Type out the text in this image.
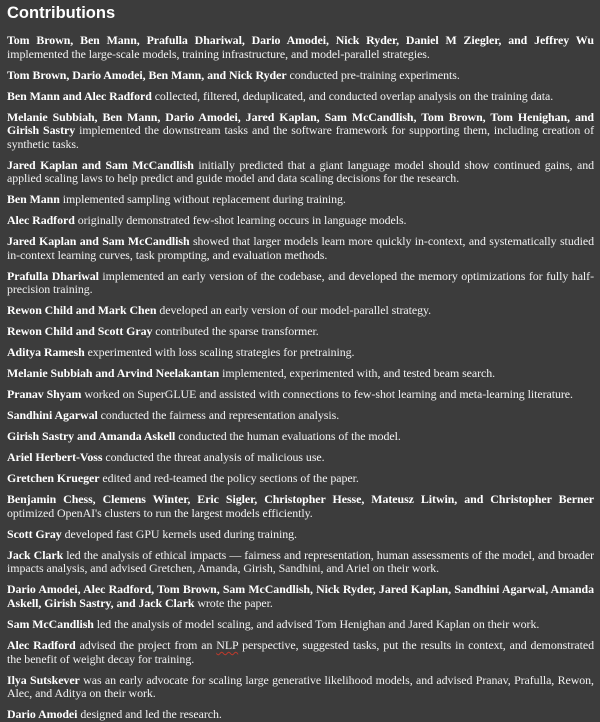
Contributions
Tom Brown, Ben Mann, Prafulla Dhariwal, Dario Amodei, Nick Ryder, Daniel M Ziegler, and Jeffrey Wu implemented the large-scale models, training infrastructure, and model-parallel strategies.
Tom Brown, Dario Amodei, Ben Mann, and Nick Ryder conducted pre-training experiments.
Ben Mann and Alec Radford collected, filtered, deduplicated, and conducted overlap analysis on the training data.
Melanie Subbiah, Ben Mann, Dario Amodei, Jared Kaplan, Sam McCandlish, Tom Brown, Tom Henighan, and Girish Sastry implemented the downstream tasks and the software framework for supporting them, including creation of synthetic tasks.
Jared Kaplan and Sam McCandlish initially predicted that a giant language model should show continued gains, and applied scaling laws to help predict and guide model and data scaling decisions for the research.
Ben Mann implemented sampling without replacement during training.
Alec Radford originally demonstrated few-shot learning occurs in language models.
Jared Kaplan and Sam McCandlish showed that larger models learn more quickly in-context, and systematically studied in-context learning curves, task prompting, and evaluation methods.
Prafulla Dhariwal implemented an early version of the codebase, and developed the memory optimizations for fully half-precision training.
Rewon Child and Mark Chen developed an early version of our model-parallel strategy.
Rewon Child and Scott Gray contributed the sparse transformer.
Aditya Ramesh experimented with loss scaling strategies for pretraining.
Melanie Subbiah and Arvind Neelakantan implemented, experimented with, and tested beam search.
Pranav Shyam worked on SuperGLUE and assisted with connections to few-shot learning and meta-learning literature.
Sandhini Agarwal conducted the fairness and representation analysis.
Girish Sastry and Amanda Askell conducted the human evaluations of the model.
Ariel Herbert-Voss conducted the threat analysis of malicious use.
Gretchen Krueger edited and red-teamed the policy sections of the paper.
Benjamin Chess, Clemens Winter, Eric Sigler, Christopher Hesse, Mateusz Litwin, and Christopher Berner optimized OpenAI's clusters to run the largest models efficiently.
Scott Gray developed fast GPU kernels used during training.
Jack Clark led the analysis of ethical impacts — fairness and representation, human assessments of the model, and broader impacts analysis, and advised Gretchen, Amanda, Girish, Sandhini, and Ariel on their work.
Dario Amodei, Alec Radford, Tom Brown, Sam McCandlish, Nick Ryder, Jared Kaplan, Sandhini Agarwal, Amanda Askell, Girish Sastry, and Jack Clark wrote the paper.
Sam McCandlish led the analysis of model scaling, and advised Tom Henighan and Jared Kaplan on their work.
Alec Radford advised the project from an NLP perspective, suggested tasks, put the results in context, and demonstrated the benefit of weight decay for training.
Ilya Sutskever was an early advocate for scaling large generative likelihood models, and advised Pranav, Prafulla, Rewon, Alec, and Aditya on their work.
Dario Amodei designed and led the research.
